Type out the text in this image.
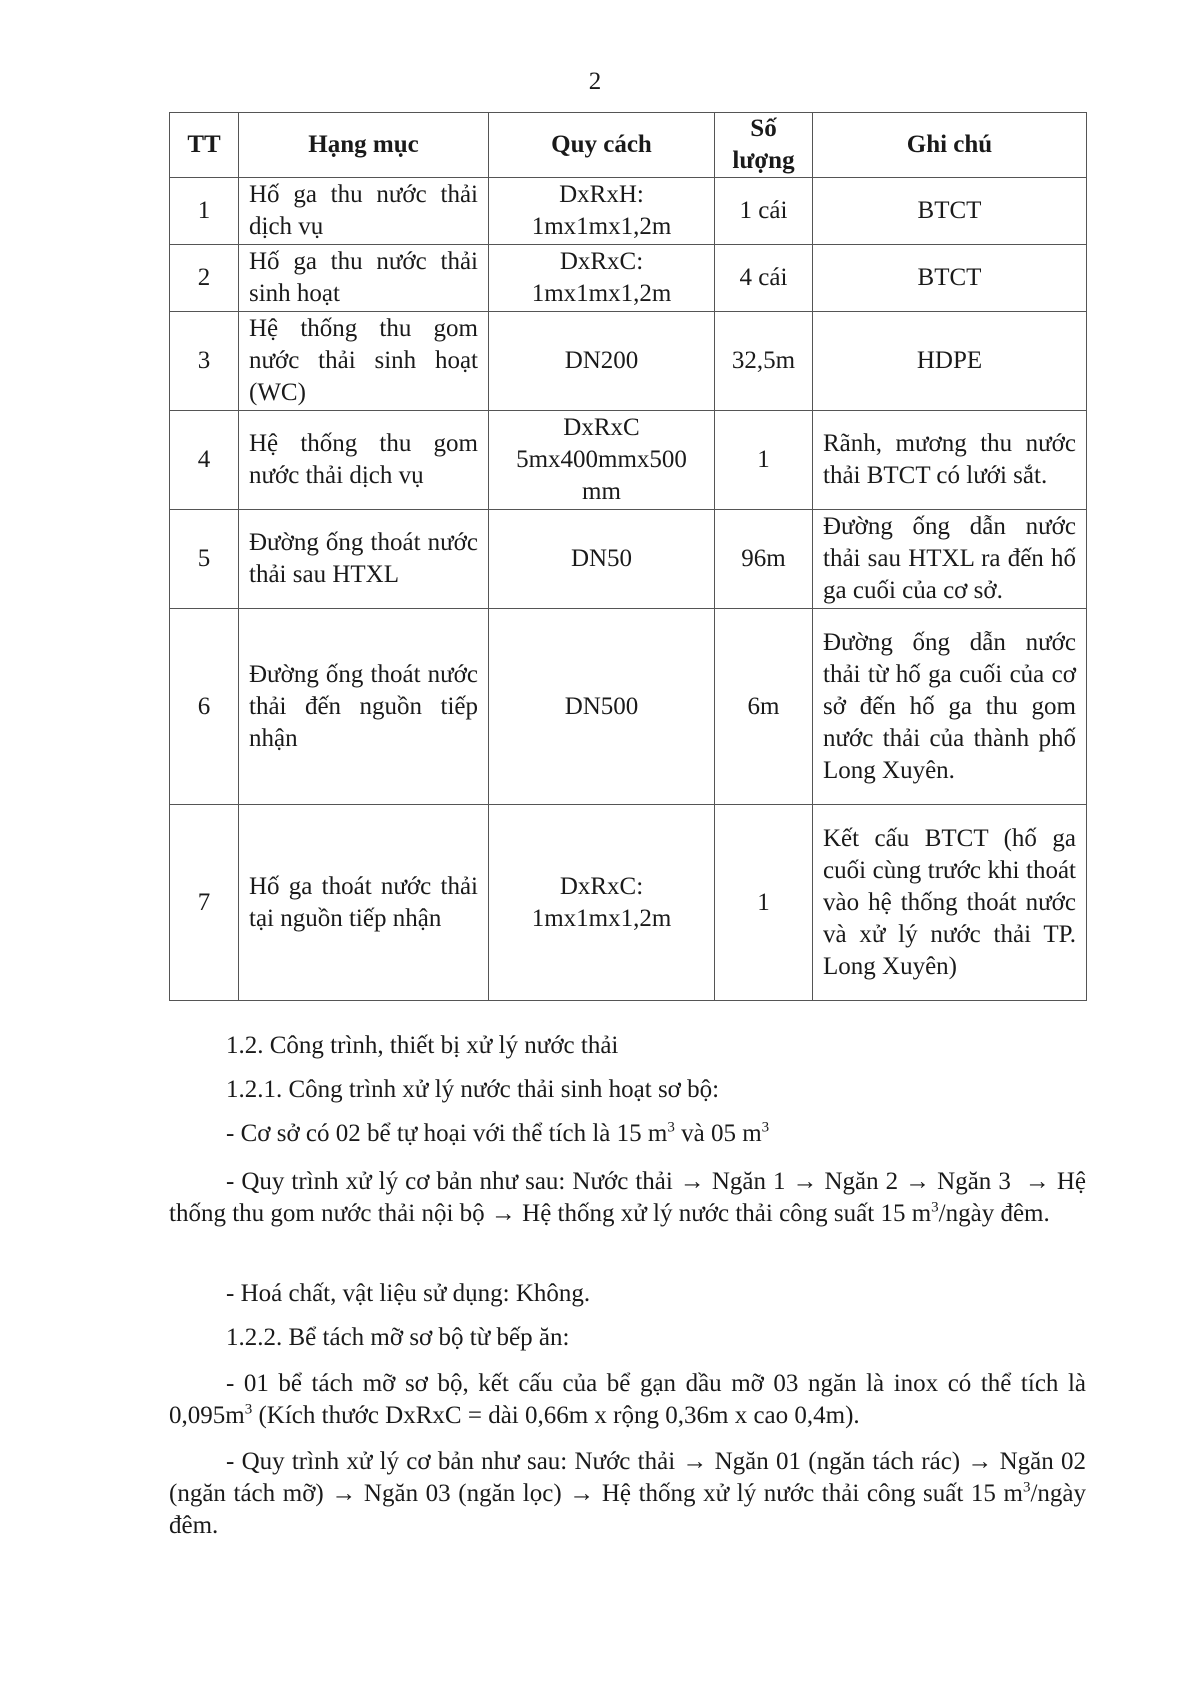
2
TT	Hạng mục	Quy cách	Số lượng	Ghi chú
1	Hố ga thu nước thải dịch vụ	DxRxH: 1mx1mx1,2m	1 cái	BTCT
2	Hố ga thu nước thải sinh hoạt	DxRxC: 1mx1mx1,2m	4 cái	BTCT
3	Hệ thống thu gom nước thải sinh hoạt (WC)	DN200	32,5m	HDPE
4	Hệ thống thu gom nước thải dịch vụ	DxRxC 5mx400mmx500 mm	1	Rãnh, mương thu nước thải BTCT có lưới sắt.
5	Đường ống thoát nước thải sau HTXL	DN50	96m	Đường ống dẫn nước thải sau HTXL ra đến hố ga cuối của cơ sở.
6	Đường ống thoát nước thải đến nguồn tiếp nhận	DN500	6m	Đường ống dẫn nước thải từ hố ga cuối của cơ sở đến hố ga thu gom nước thải của thành phố Long Xuyên.
7	Hố ga thoát nước thải tại nguồn tiếp nhận	DxRxC: 1mx1mx1,2m	1	Kết cấu BTCT (hố ga cuối cùng trước khi thoát vào hệ thống thoát nước và xử lý nước thải TP. Long Xuyên)

1.2. Công trình, thiết bị xử lý nước thải

1.2.1. Công trình xử lý nước thải sinh hoạt sơ bộ:

- Cơ sở có 02 bể tự hoại với thể tích là 15 $m^3$ và 05 $m^3$

- Quy trình xử lý cơ bản như sau: Nước thải → Ngăn 1 → Ngăn 2 → Ngăn 3  → Hệ thống thu gom nước thải nội bộ → Hệ thống xử lý nước thải công suất 15 $m^3$/ngày đêm.

- Hoá chất, vật liệu sử dụng: Không.

1.2.2. Bể tách mỡ sơ bộ từ bếp ăn:

- 01 bể tách mỡ sơ bộ, kết cấu của bể gạn dầu mỡ 03 ngăn là inox có thể tích là $0,095m^3$ (Kích thước DxRxC = dài 0,66m x rộng 0,36m x cao 0,4m).

- Quy trình xử lý cơ bản như sau: Nước thải → Ngăn 01 (ngăn tách rác) → Ngăn 02 (ngăn tách mỡ) → Ngăn 03 (ngăn lọc) → Hệ thống xử lý nước thải công suất 15 $m^3$/ngày đêm.
